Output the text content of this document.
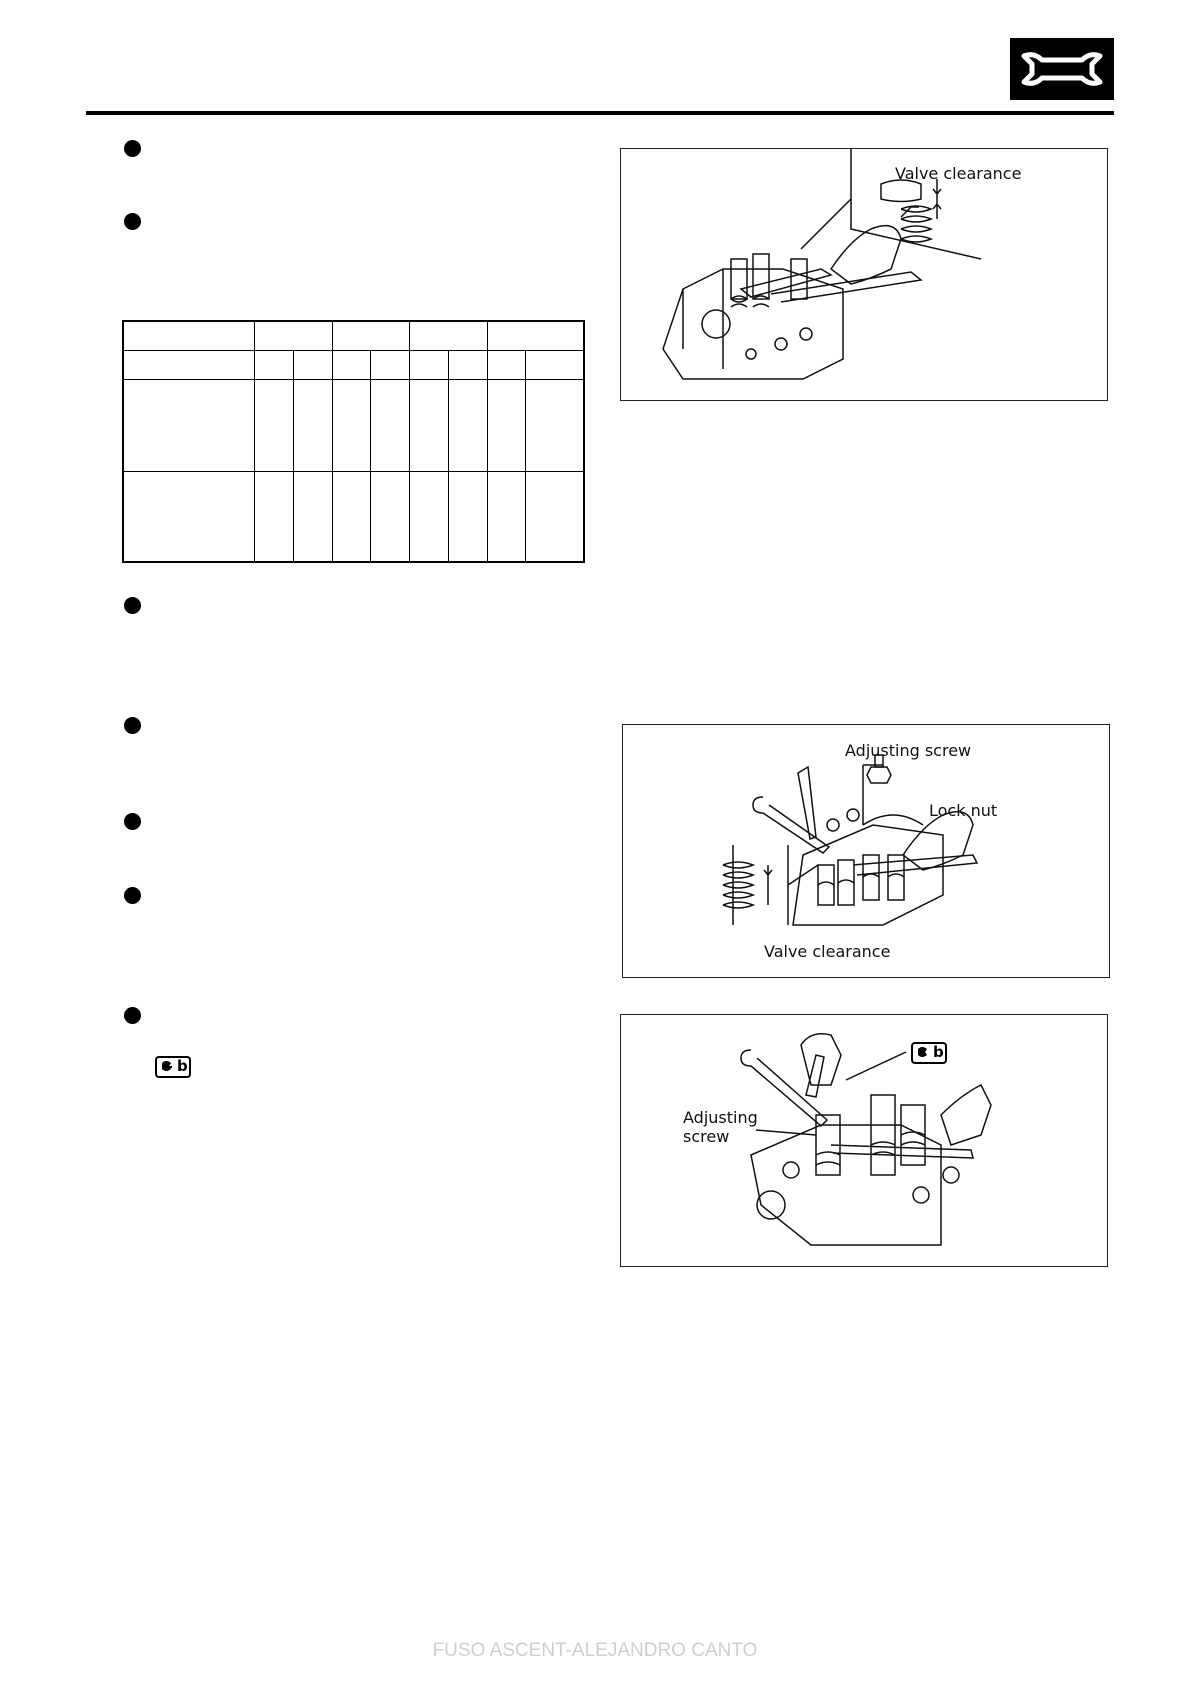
Valve clearance
Adjusting screw
Lock nut
Valve clearance
b
Adjusting
screw
b
FUSO ASCENT-ALEJANDRO CANTO
